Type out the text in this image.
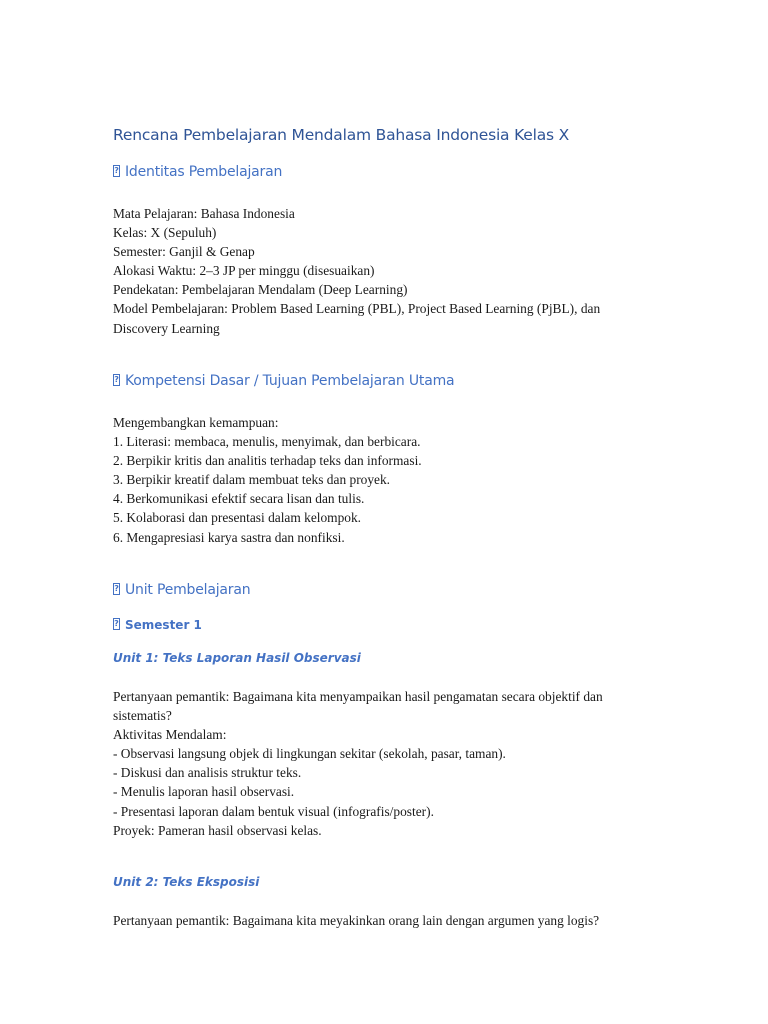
Rencana Pembelajaran Mendalam Bahasa Indonesia Kelas X
?Identitas Pembelajaran
Mata Pelajaran: Bahasa Indonesia
Kelas: X (Sepuluh)
Semester: Ganjil & Genap
Alokasi Waktu: 2–3 JP per minggu (disesuaikan)
Pendekatan: Pembelajaran Mendalam (Deep Learning)
Model Pembelajaran: Problem Based Learning (PBL), Project Based Learning (PjBL), dan
Discovery Learning
?Kompetensi Dasar / Tujuan Pembelajaran Utama
Mengembangkan kemampuan:
1. Literasi: membaca, menulis, menyimak, dan berbicara.
2. Berpikir kritis dan analitis terhadap teks dan informasi.
3. Berpikir kreatif dalam membuat teks dan proyek.
4. Berkomunikasi efektif secara lisan dan tulis.
5. Kolaborasi dan presentasi dalam kelompok.
6. Mengapresiasi karya sastra dan nonfiksi.
?Unit Pembelajaran
?Semester 1
Unit 1: Teks Laporan Hasil Observasi
Pertanyaan pemantik: Bagaimana kita menyampaikan hasil pengamatan secara objektif dan
sistematis?
Aktivitas Mendalam:
- Observasi langsung objek di lingkungan sekitar (sekolah, pasar, taman).
- Diskusi dan analisis struktur teks.
- Menulis laporan hasil observasi.
- Presentasi laporan dalam bentuk visual (infografis/poster).
Proyek: Pameran hasil observasi kelas.
Unit 2: Teks Eksposisi
Pertanyaan pemantik: Bagaimana kita meyakinkan orang lain dengan argumen yang logis?
